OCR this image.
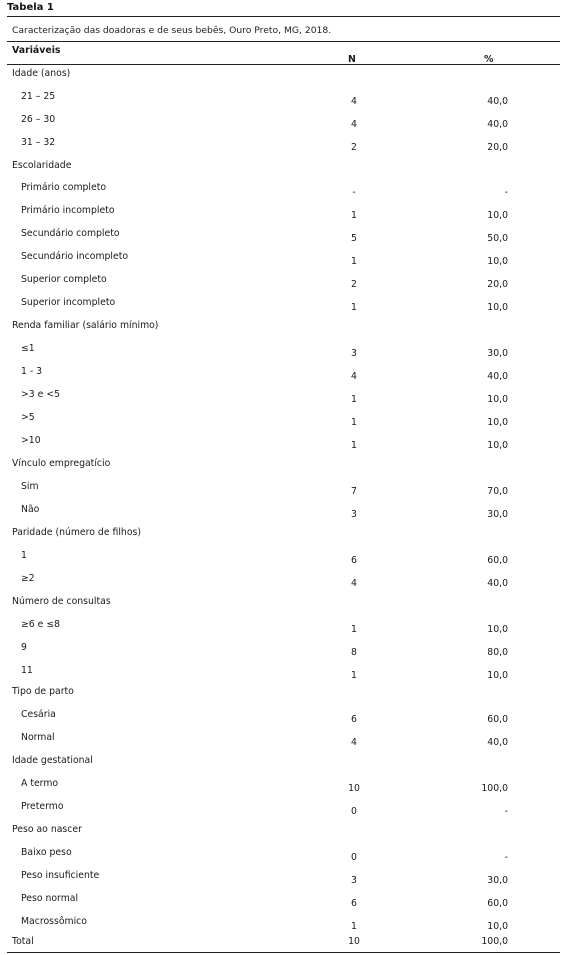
Tabela 1
Caracterização das doadoras e de seus bebês, Ouro Preto, MG, 2018.
Variáveis
N	%
Idade (anos)
21 – 25	4	40,0
26 – 30	4	40,0
31 – 32	2	20,0
Escolaridade
Primário completo	-	-
Primário incompleto	1	10,0
Secundário completo	5	50,0
Secundário incompleto	1	10,0
Superior completo	2	20,0
Superior incompleto	1	10,0
Renda familiar (salário mínimo)
≤1	3	30,0
1 - 3	4	40,0
>3 e <5	1	10,0
>5	1	10,0
>10	1	10,0
Vínculo empregatício
Sim	7	70,0
Não	3	30,0
Paridade (número de filhos)
1	6	60,0
≥2	4	40,0
Número de consultas
≥6 e ≤8	1	10,0
9	8	80,0
11	1	10,0
Tipo de parto
Cesária	6	60,0
Normal	4	40,0
Idade gestational
A termo	10	100,0
Pretermo	0	-
Peso ao nascer
Baixo peso	0	-
Peso insuficiente	3	30,0
Peso normal	6	60,0
Macrossômico	1	10,0
Total	10	100,0
